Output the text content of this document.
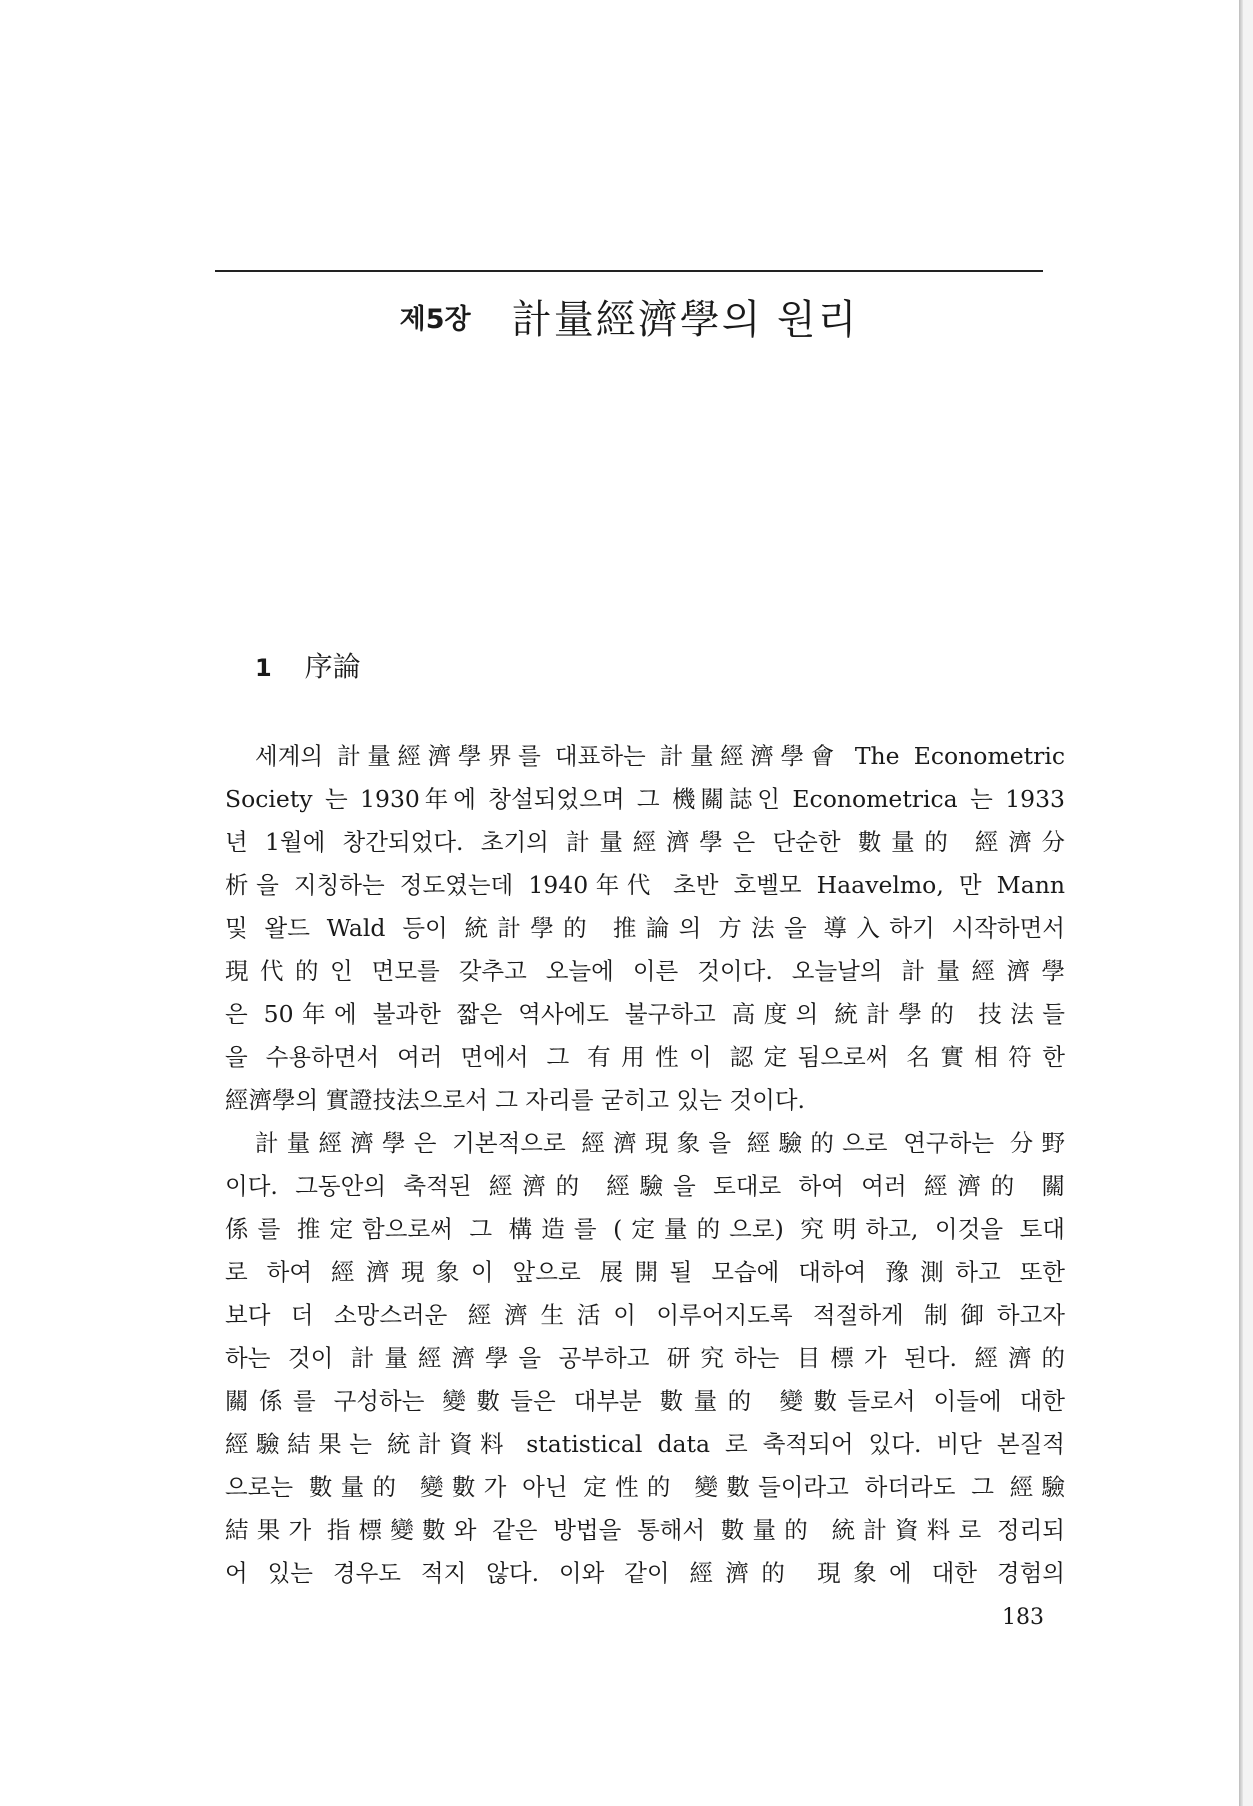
제5장 計量經濟學의 원리
1 序論
세계의 計量經濟學界를 대표하는 計量經濟學會 The Econometric
Society 는 1930年에 창설되었으며 그 機關誌인 Econometrica 는 1933
년 1월에 창간되었다. 초기의 計量經濟學은 단순한 數量的 經濟分
析을 지칭하는 정도였는데 1940年代 초반 호벨모 Haavelmo, 만 Mann
및 왈드 Wald 등이 統計學的 推論의 方法을 導入하기 시작하면서
現代的인 면모를 갖추고 오늘에 이른 것이다. 오늘날의 計量經濟學
은 50年에 불과한 짧은 역사에도 불구하고 高度의 統計學的 技法들
을 수용하면서 여러 면에서 그 有用性이 認定됨으로써 名實相符한
經濟學의 實證技法으로서 그 자리를 굳히고 있는 것이다.
計量經濟學은 기본적으로 經濟現象을 經驗的으로 연구하는 分野
이다. 그동안의 축적된 經濟的 經驗을 토대로 하여 여러 經濟的 關
係를 推定함으로써 그 構造를 (定量的으로) 究明하고, 이것을 토대
로 하여 經濟現象이 앞으로 展開될 모습에 대하여 豫測하고 또한
보다 더 소망스러운 經濟生活이 이루어지도록 적절하게 制御하고자
하는 것이 計量經濟學을 공부하고 研究하는 目標가 된다. 經濟的
關係를 구성하는 變數들은 대부분 數量的 變數들로서 이들에 대한
經驗結果는 統計資料 statistical data 로 축적되어 있다. 비단 본질적
으로는 數量的 變數가 아닌 定性的 變數들이라고 하더라도 그 經驗
結果가 指標變數와 같은 방법을 통해서 數量的 統計資料로 정리되
어 있는 경우도 적지 않다. 이와 같이 經濟的 現象에 대한 경험의
183
